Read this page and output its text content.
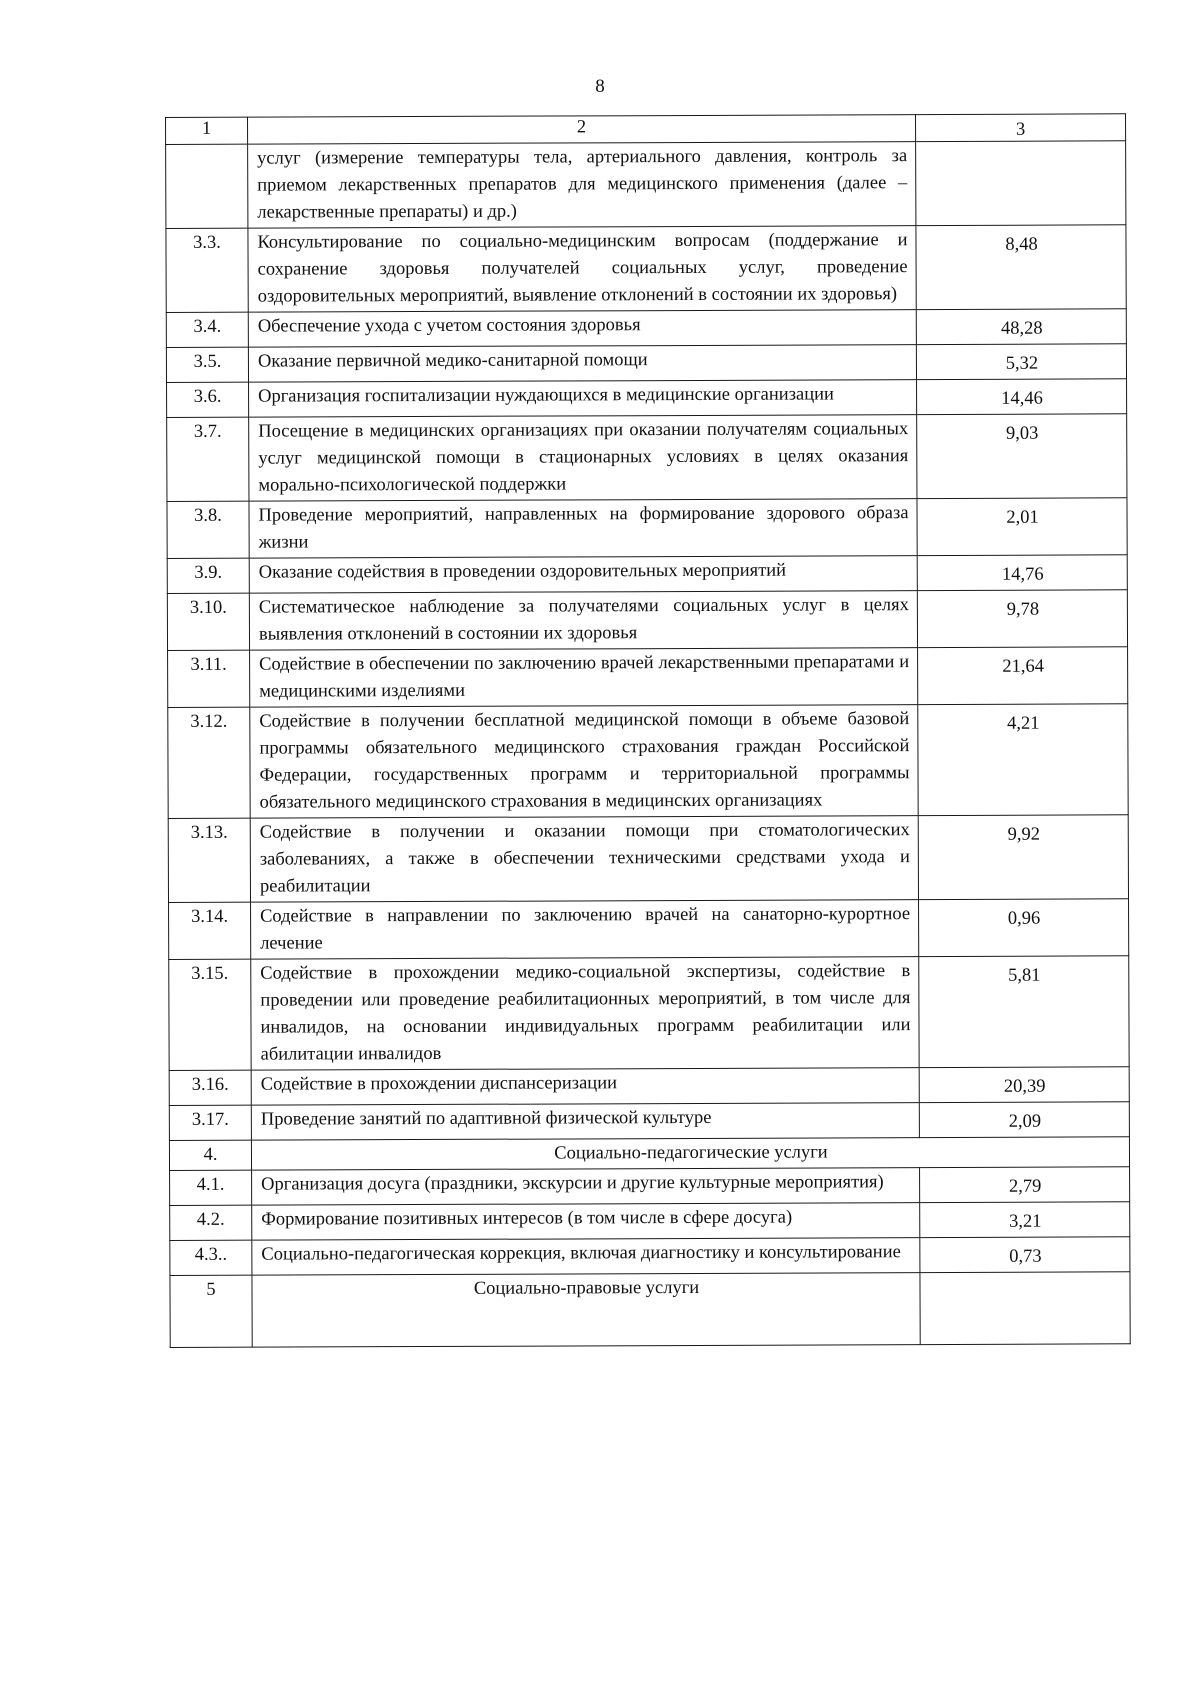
8
1	2	3
	услуг (измерение температуры тела, артериального давления, контроль за приемом лекарственных препаратов для медицинского применения (далее – лекарственные препараты) и др.)	
3.3.	Консультирование по социально-медицинским вопросам (поддержание и сохранение здоровья получателей социальных услуг, проведение оздоровительных мероприятий, выявление отклонений в состоянии их здоровья)	8,48
3.4.	Обеспечение ухода с учетом состояния здоровья	48,28
3.5.	Оказание первичной медико-санитарной помощи	5,32
3.6.	Организация госпитализации нуждающихся в медицинские организации	14,46
3.7.	Посещение в медицинских организациях при оказании получателям социальных услуг медицинской помощи в стационарных условиях в целях оказания морально-психологической поддержки	9,03
3.8.	Проведение мероприятий, направленных на формирование здорового образа жизни	2,01
3.9.	Оказание содействия в проведении оздоровительных мероприятий	14,76
3.10.	Систематическое наблюдение за получателями социальных услуг в целях выявления отклонений в состоянии их здоровья	9,78
3.11.	Содействие в обеспечении по заключению врачей лекарственными препаратами и медицинскими изделиями	21,64
3.12.	Содействие в получении бесплатной медицинской помощи в объеме базовой программы обязательного медицинского страхования граждан Российской Федерации, государственных программ и территориальной программы обязательного медицинского страхования в медицинских организациях	4,21
3.13.	Содействие в получении и оказании помощи при стоматологических заболеваниях, а также в обеспечении техническими средствами ухода и реабилитации	9,92
3.14.	Содействие в направлении по заключению врачей на санаторно-курортное лечение	0,96
3.15.	Содействие в прохождении медико-социальной экспертизы, содействие в проведении или проведение реабилитационных мероприятий, в том числе для инвалидов, на основании индивидуальных программ реабилитации или абилитации инвалидов	5,81
3.16.	Содействие в прохождении диспансеризации	20,39
3.17.	Проведение занятий по адаптивной физической культуре	2,09
4.	Социально-педагогические услуги	
4.1.	Организация досуга (праздники, экскурсии и другие культурные мероприятия)	2,79
4.2.	Формирование позитивных интересов (в том числе в сфере досуга)	3,21
4.3..	Социально-педагогическая коррекция, включая диагностику и консультирование	0,73
5	Социально-правовые услуги	
